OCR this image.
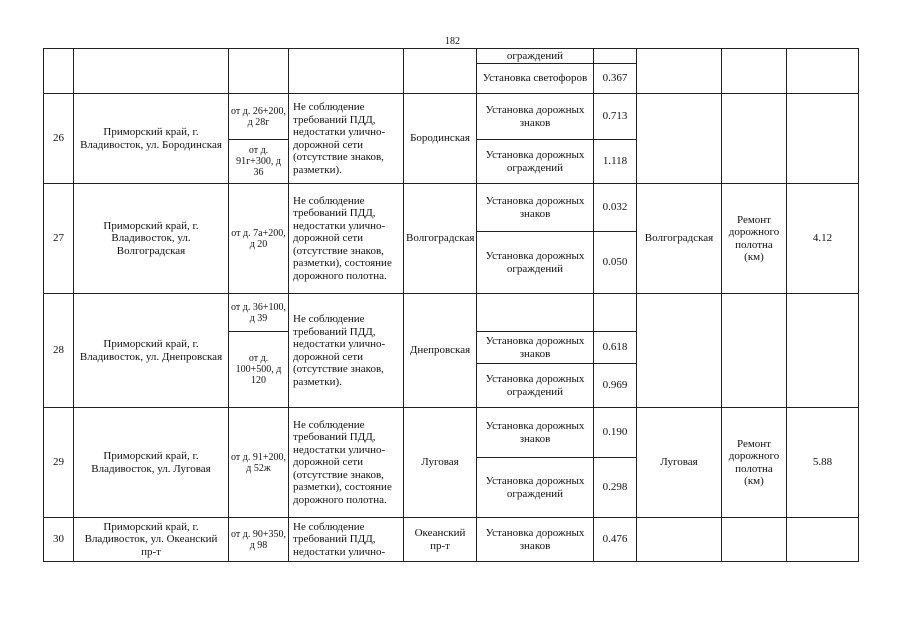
182
					ограждений				
					Установка светофоров	0.367			
26	Приморский край, г. Владивосток, ул. Бородинская	от д. 26+200, д 28г	Не соблюдение требований ПДД, недостатки улично-дорожной сети (отсутствие знаков, разметки).	Бородинская	Установка дорожных знаков	0.713			
		от д. 91г+300, д 36			Установка дорожных ограждений	1.118			
27	Приморский край, г. Владивосток, ул. Волгоградская	от д. 7а+200, д 20	Не соблюдение требований ПДД, недостатки улично-дорожной сети (отсутствие знаков, разметки), состояние дорожного полотна.	Волгоградская	Установка дорожных знаков	0.032	Волгоградская	Ремонт дорожного полотна (км)	4.12
					Установка дорожных ограждений	0.050			
28	Приморский край, г. Владивосток, ул. Днепровская	от д. 36+100, д 39	Не соблюдение требований ПДД, недостатки улично-дорожной сети (отсутствие знаков, разметки).	Днепровская					
		от д. 100+500, д 120			Установка дорожных знаков	0.618			
					Установка дорожных ограждений	0.969			
29	Приморский край, г. Владивосток, ул. Луговая	от д. 91+200, д 52ж	Не соблюдение требований ПДД, недостатки улично-дорожной сети (отсутствие знаков, разметки), состояние дорожного полотна.	Луговая	Установка дорожных знаков	0.190	Луговая	Ремонт дорожного полотна (км)	5.88
					Установка дорожных ограждений	0.298			
30	Приморский край, г. Владивосток, ул. Океанский пр-т	от д. 90+350, д 98	Не соблюдение требований ПДД, недостатки улично-	Океанский пр-т	Установка дорожных знаков	0.476			
